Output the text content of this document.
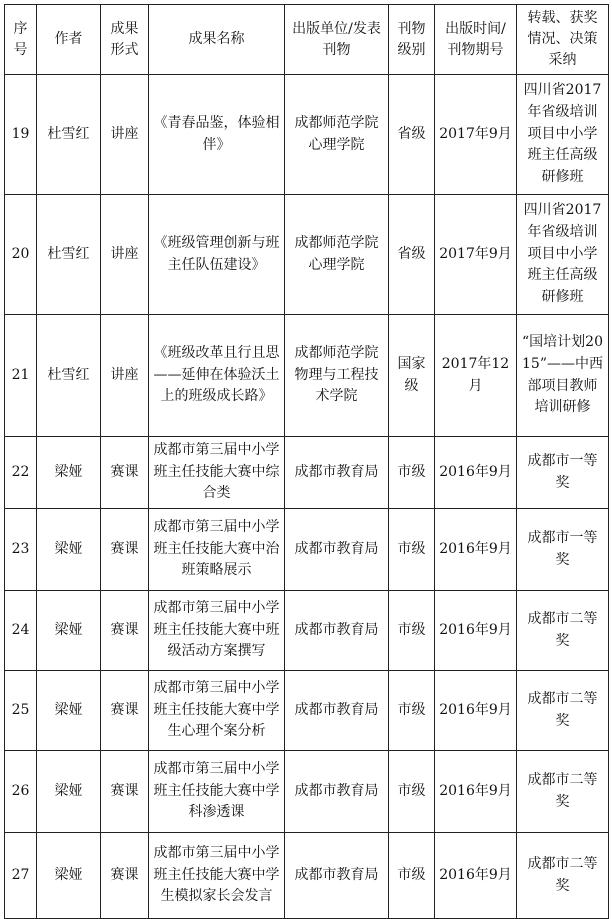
序号	作者	成果形式	成果名称	出版单位/发表刊物	刊物级别	出版时间/刊物期号	转载、获奖情况、决策采纳
19	杜雪红	讲座	《青春品鉴，体验相伴》	成都师范学院心理学院	省级	2017年9月	四川省2017年省级培训项目中小学班主任高级研修班
20	杜雪红	讲座	《班级管理创新与班主任队伍建设》	成都师范学院心理学院	省级	2017年9月	四川省2017年省级培训项目中小学班主任高级研修班
21	杜雪红	讲座	《班级改革且行且思——延伸在体验沃土上的班级成长路》	成都师范学院物理与工程技术学院	国家级	2017年12月	“国培计划2015”——中西部项目教师培训研修
22	梁娅	赛课	成都市第三届中小学班主任技能大赛中综合类	成都市教育局	市级	2016年9月	成都市一等奖
23	梁娅	赛课	成都市第三届中小学班主任技能大赛中治班策略展示	成都市教育局	市级	2016年9月	成都市一等奖
24	梁娅	赛课	成都市第三届中小学班主任技能大赛中班级活动方案撰写	成都市教育局	市级	2016年9月	成都市二等奖
25	梁娅	赛课	成都市第三届中小学班主任技能大赛中学生心理个案分析	成都市教育局	市级	2016年9月	成都市二等奖
26	梁娅	赛课	成都市第三届中小学班主任技能大赛中学科渗透课	成都市教育局	市级	2016年9月	成都市二等奖
27	梁娅	赛课	成都市第三届中小学班主任技能大赛中学生模拟家长会发言	成都市教育局	市级	2016年9月	成都市二等奖
